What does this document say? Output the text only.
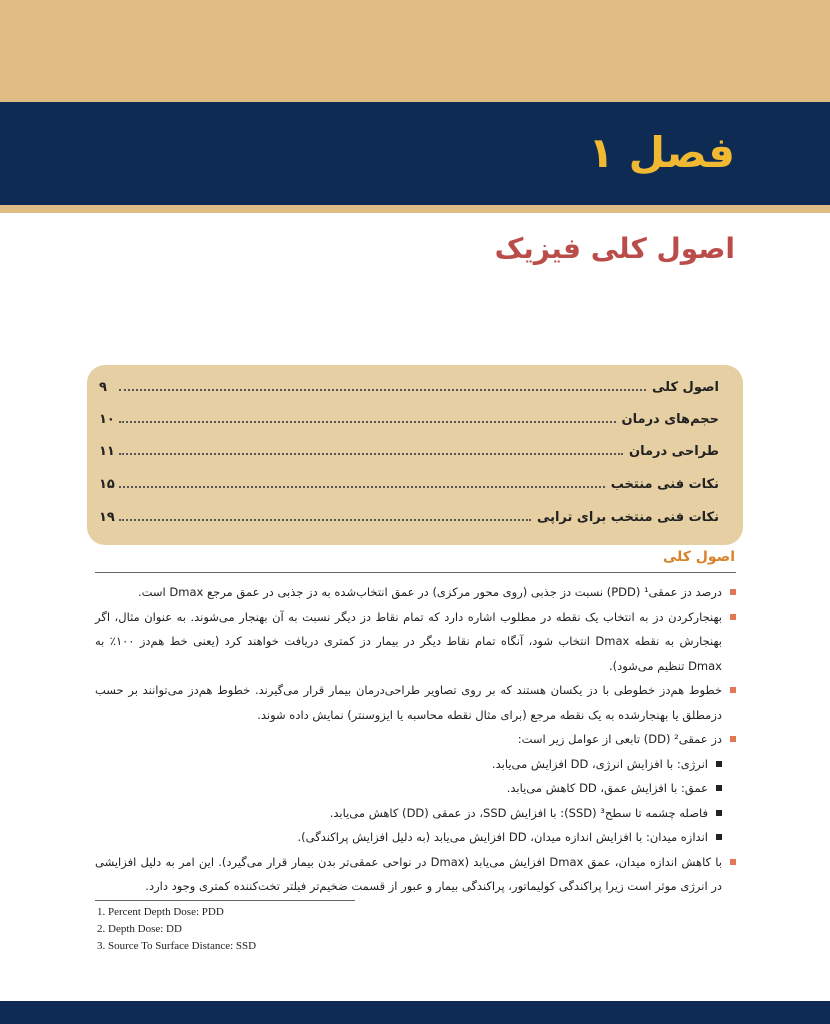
فصل ۱
اصول کلی فیزیک
اصول کلی
۹
حجم‌های درمان
۱۰
طراحی درمان
۱۱
نکات فنی‌ منتخب
۱۵
نکات فنی‌ منتخب برای تراپی
۱۹
اصول کلی

درصد دز عمقی¹ (PDD) نسبت دز جذبی (روی محور مرکزی) در عمق انتخاب‌شده به دز جذبی در عمق مرجع Dmax است.

بهنجارکردن دز به انتخاب یک نقطه در مطلوب اشاره دارد که تمام نقاط دز دیگر نسبت به آن بهنجار می‌شوند. به عنوان مثال، اگر بهنجارش به نقطه Dmax انتخاب شود، آنگاه تمام نقاط دیگر در بیمار دز کمتری دریافت خواهند کرد (یعنی خط هم‌دز ۱۰۰٪ به Dmax تنظیم می‌شود).

خطوط هم‌دز خطوطی با دز یکسان هستند که بر روی تصاویر طراحی‌درمان بیمار قرار می‌گیرند. خطوط هم‌دز می‌توانند بر حسب دزمطلق یا بهنجارشده به یک نقطه مرجع (برای مثال نقطه محاسبه یا ایزوسنتر) نمایش داده شوند.

دز عمقی² (DD) تابعی از عوامل زیر است:

انرژی: با افزایش انرژی، DD افزایش می‌یابد.

عمق: با افزایش عمق، DD کاهش می‌یابد.

فاصله چشمه تا سطح³ (SSD): با افزایش SSD، دز عمقی (DD) کاهش می‌یابد.

اندازه میدان: با افزایش اندازه میدان، DD افزایش می‌یابد (به دلیل افزایش پراکندگی).

با کاهش اندازه میدان، عمق Dmax افزایش می‌یابد (Dmax در نواحی عمقی‌تر بدن بیمار قرار می‌گیرد). این امر به دلیل افزایشی در انرژی موثر است زیرا پراکندگی کولیماتور، پراکندگی بیمار و عبور از قسمت ضخیم‌تر فیلتر تخت‌کننده کمتری وجود دارد.

1. Percent Depth Dose: PDD
2. Depth Dose: DD
3. Source To Surface Distance: SSD
